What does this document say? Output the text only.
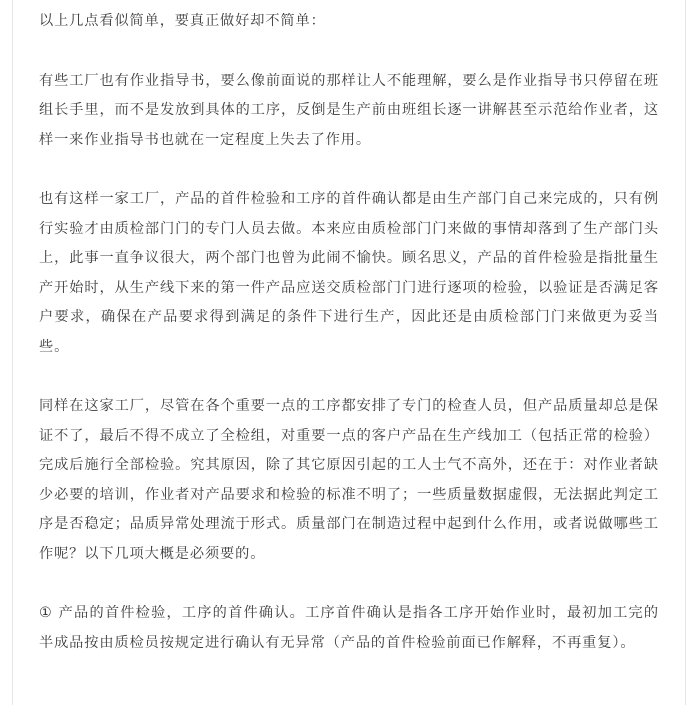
以上几点看似简单，要真正做好却不简单：

有些工厂也有作业指导书，要么像前面说的那样让人不能理解，要么是作业指导书只停留在班组长手里，而不是发放到具体的工序，反倒是生产前由班组长逐一讲解甚至示范给作业者，这样一来作业指导书也就在一定程度上失去了作用。

也有这样一家工厂，产品的首件检验和工序的首件确认都是由生产部门自己来完成的，只有例行实验才由质检部门门的专门人员去做。本来应由质检部门门来做的事情却落到了生产部门头上，此事一直争议很大，两个部门也曾为此闹不愉快。顾名思义，产品的首件检验是指批量生产开始时，从生产线下来的第一件产品应送交质检部门门进行逐项的检验，以验证是否满足客户要求，确保在产品要求得到满足的条件下进行生产，因此还是由质检部门门来做更为妥当些。

同样在这家工厂，尽管在各个重要一点的工序都安排了专门的检查人员，但产品质量却总是保证不了，最后不得不成立了全检组，对重要一点的客户产品在生产线加工（包括正常的检验）完成后施行全部检验。究其原因，除了其它原因引起的工人士气不高外，还在于：对作业者缺少必要的培训，作业者对产品要求和检验的标准不明了；一些质量数据虚假，无法据此判定工序是否稳定；品质异常处理流于形式。质量部门在制造过程中起到什么作用，或者说做哪些工作呢？以下几项大概是必须要的。

① 产品的首件检验，工序的首件确认。工序首件确认是指各工序开始作业时，最初加工完的半成品按由质检员按规定进行确认有无异常（产品的首件检验前面已作解释，不再重复）。
